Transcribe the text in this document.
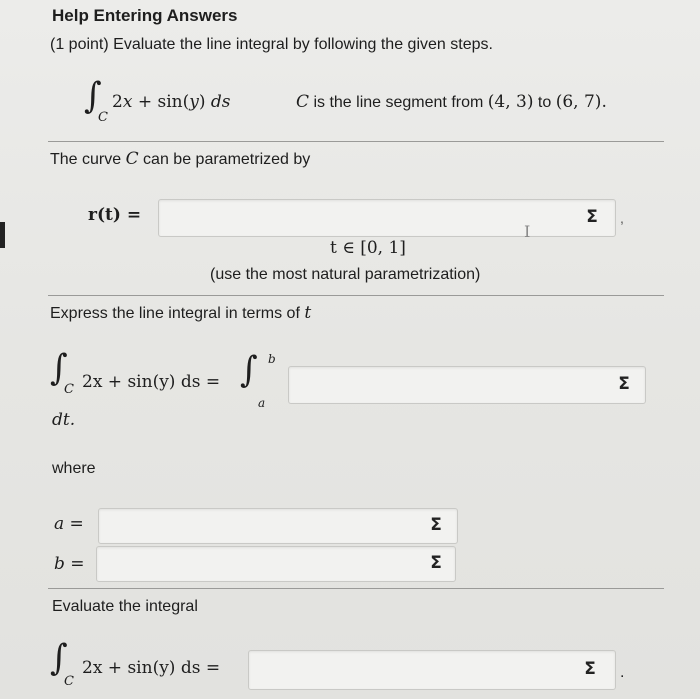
Help Entering Answers
(1 point) Evaluate the line integral by following the given steps.
∫
C
2x + sin(y) ds	C is the line segment from (4, 3) to (6, 7).
The curve C can be parametrized by
r(t) =
I
Σ	,
t ∈ [0, 1]
(use the most natural parametrization)
Express the line integral in terms of t
∫
C 2x + sin(y) ds = ∫ b
a
Σ
dt.
where
a =	Σ
b =	Σ
Evaluate the integral
∫
C
2x + sin(y) ds =	Σ	.
